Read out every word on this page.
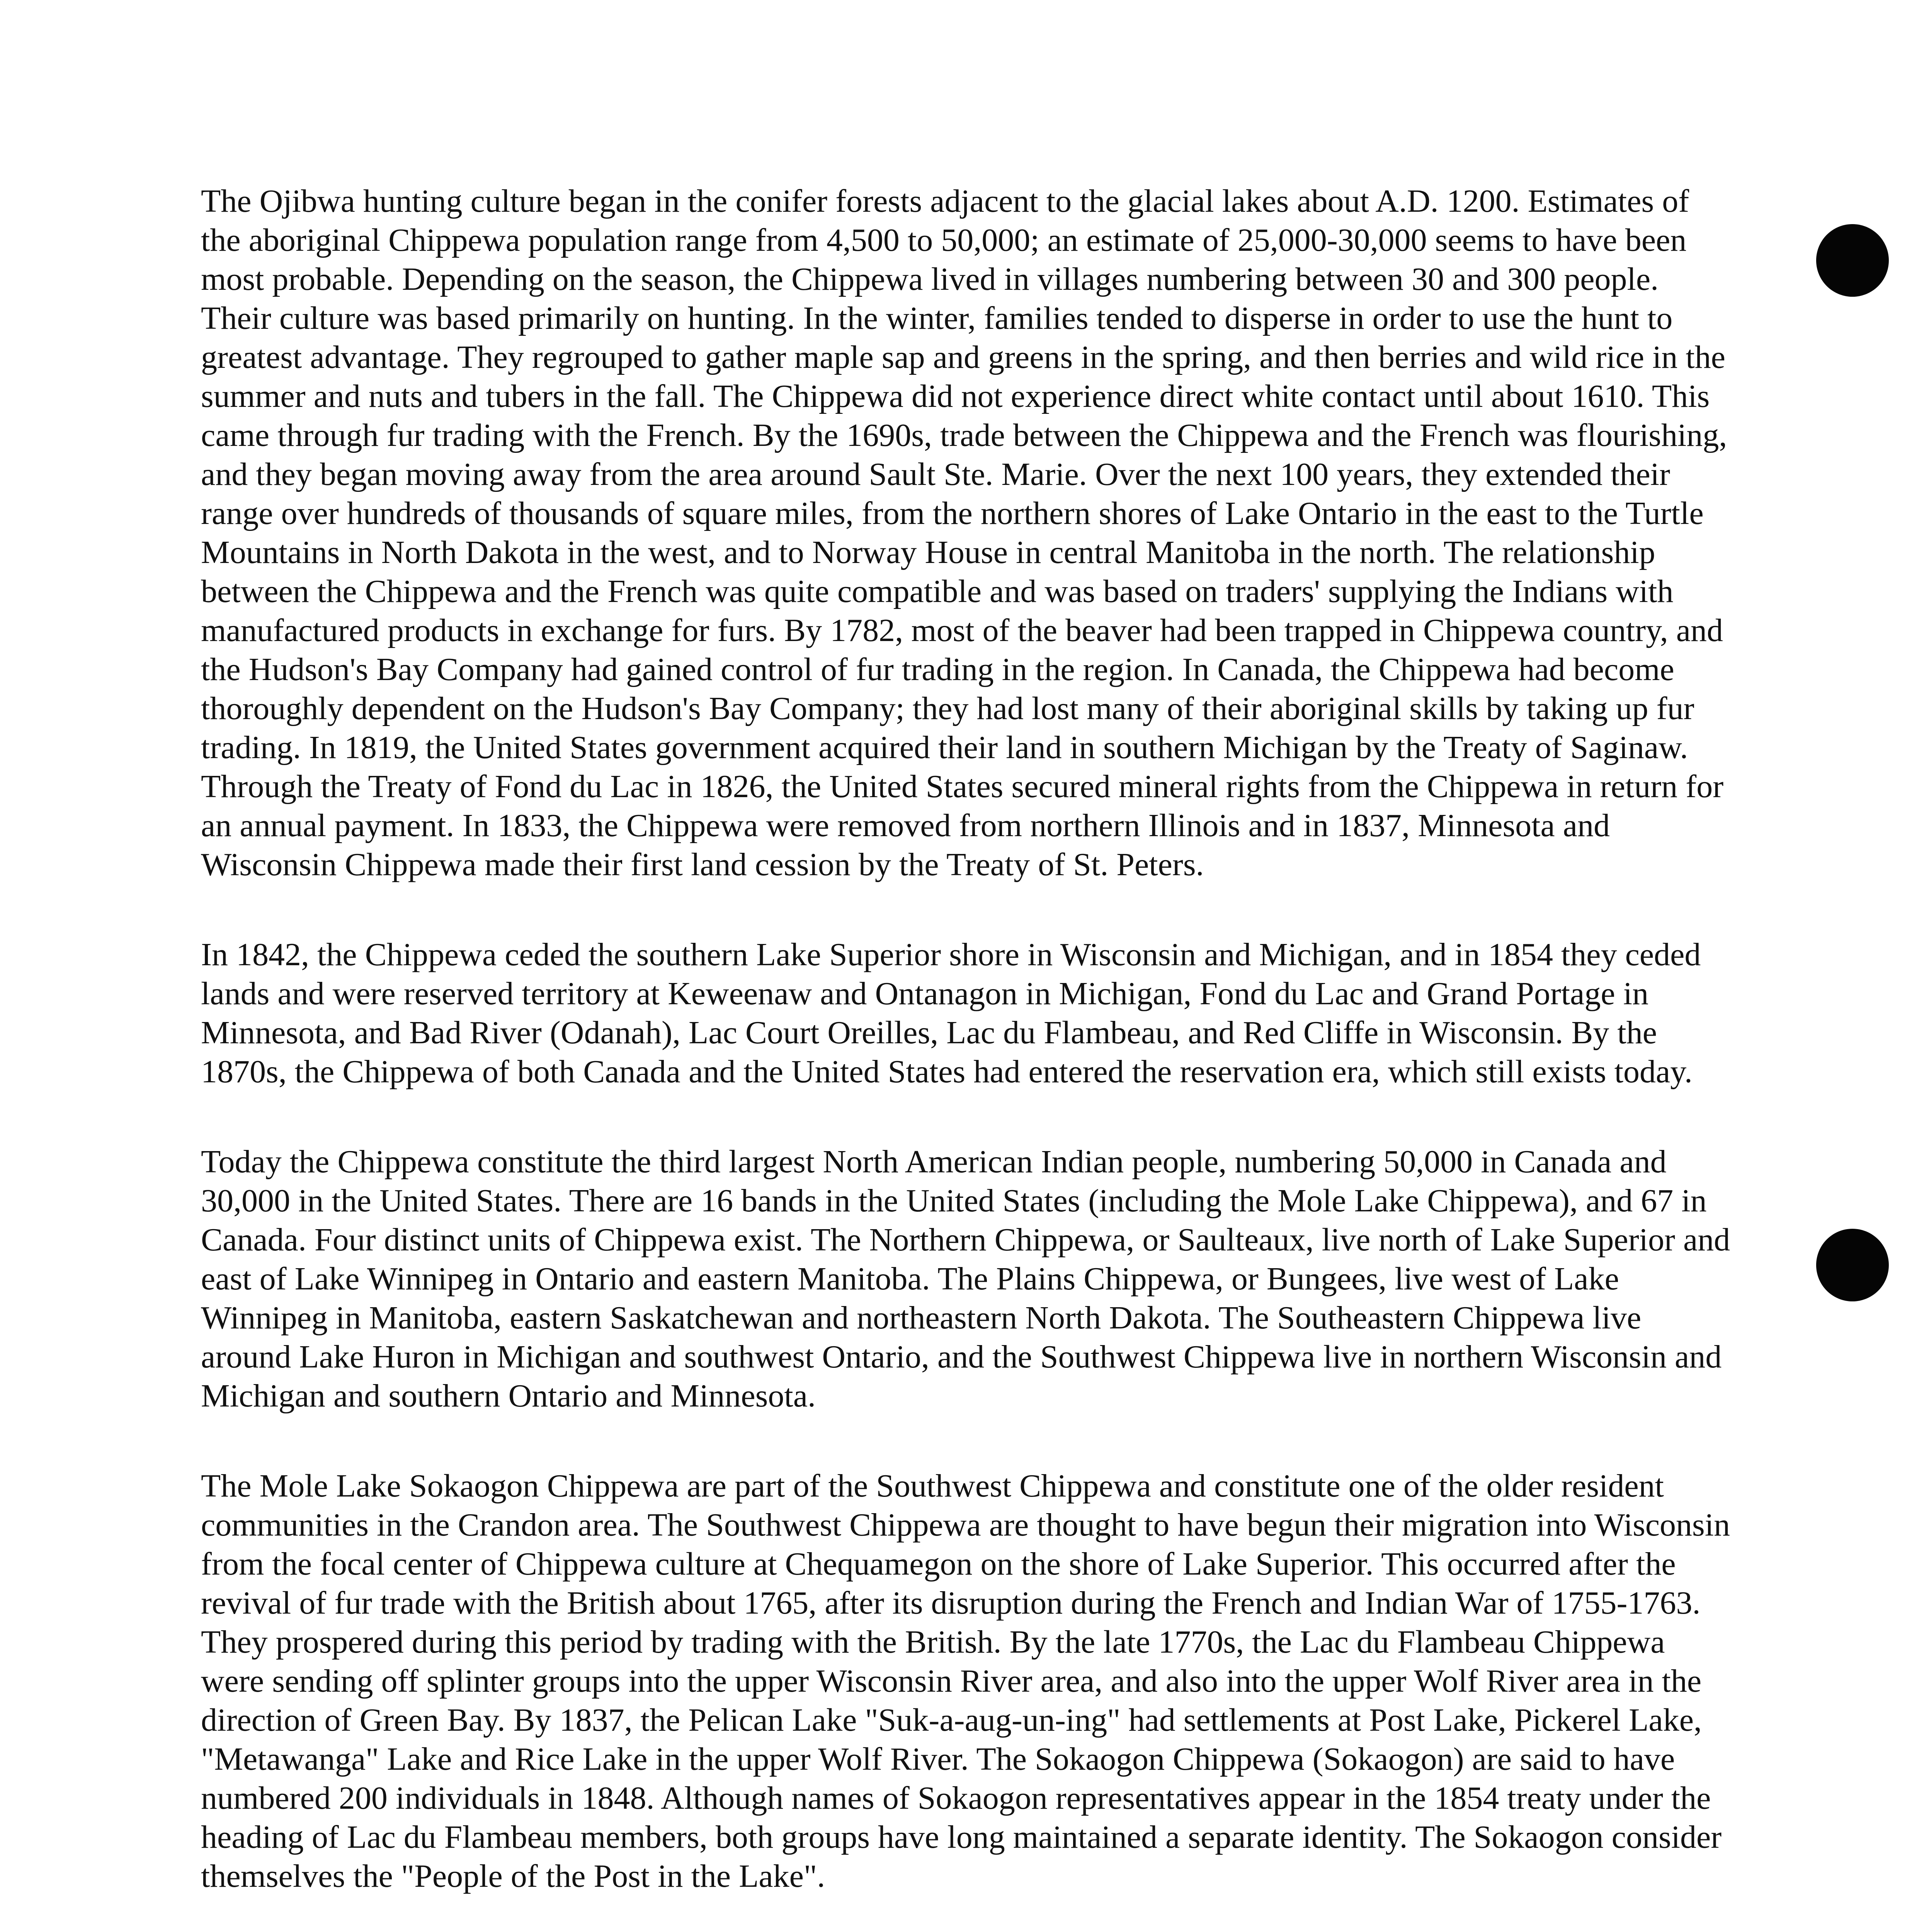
The Ojibwa hunting culture began in the conifer forests adjacent to the glacial lakes about A.D. 1200. Estimates of the aboriginal Chippewa population range from 4,500 to 50,000; an estimate of 25,000-30,000 seems to have been most probable. Depending on the season, the Chippewa lived in villages numbering between 30 and 300 people. Their culture was based primarily on hunting. In the winter, families tended to disperse in order to use the hunt to greatest advantage. They regrouped to gather maple sap and greens in the spring, and then berries and wild rice in the summer and nuts and tubers in the fall. The Chippewa did not experience direct white contact until about 1610. This came through fur trading with the French. By the 1690s, trade between the Chippewa and the French was flourishing, and they began moving away from the area around Sault Ste. Marie. Over the next 100 years, they extended their range over hundreds of thousands of square miles, from the northern shores of Lake Ontario in the east to the Turtle Mountains in North Dakota in the west, and to Norway House in central Manitoba in the north. The relationship between the Chippewa and the French was quite compatible and was based on traders' supplying the Indians with manufactured products in exchange for furs. By 1782, most of the beaver had been trapped in Chippewa country, and the Hudson's Bay Company had gained control of fur trading in the region. In Canada, the Chippewa had become thoroughly dependent on the Hudson's Bay Company; they had lost many of their aboriginal skills by taking up fur trading. In 1819, the United States government acquired their land in southern Michigan by the Treaty of Saginaw. Through the Treaty of Fond du Lac in 1826, the United States secured mineral rights from the Chippewa in return for an annual payment. In 1833, the Chippewa were removed from northern Illinois and in 1837, Minnesota and Wisconsin Chippewa made their first land cession by the Treaty of St. Peters.

In 1842, the Chippewa ceded the southern Lake Superior shore in Wisconsin and Michigan, and in 1854 they ceded lands and were reserved territory at Keweenaw and Ontanagon in Michigan, Fond du Lac and Grand Portage in Minnesota, and Bad River (Odanah), Lac Court Oreilles, Lac du Flambeau, and Red Cliffe in Wisconsin. By the 1870s, the Chippewa of both Canada and the United States had entered the reservation era, which still exists today.

Today the Chippewa constitute the third largest North American Indian people, numbering 50,000 in Canada and 30,000 in the United States. There are 16 bands in the United States (including the Mole Lake Chippewa), and 67 in Canada. Four distinct units of Chippewa exist. The Northern Chippewa, or Saulteaux, live north of Lake Superior and east of Lake Winnipeg in Ontario and eastern Manitoba. The Plains Chippewa, or Bungees, live west of Lake Winnipeg in Manitoba, eastern Saskatchewan and northeastern North Dakota. The Southeastern Chippewa live around Lake Huron in Michigan and southwest Ontario, and the Southwest Chippewa live in northern Wisconsin and Michigan and southern Ontario and Minnesota.

The Mole Lake Sokaogon Chippewa are part of the Southwest Chippewa and constitute one of the older resident communities in the Crandon area. The Southwest Chippewa are thought to have begun their migration into Wisconsin from the focal center of Chippewa culture at Chequamegon on the shore of Lake Superior. This occurred after the revival of fur trade with the British about 1765, after its disruption during the French and Indian War of 1755-1763. They prospered during this period by trading with the British. By the late 1770s, the Lac du Flambeau Chippewa were sending off splinter groups into the upper Wisconsin River area, and also into the upper Wolf River area in the direction of Green Bay. By 1837, the Pelican Lake "Suk-a-aug-un-ing" had settlements at Post Lake, Pickerel Lake, "Metawanga" Lake and Rice Lake in the upper Wolf River. The Sokaogon Chippewa (Sokaogon) are said to have numbered 200 individuals in 1848. Although names of Sokaogon representatives appear in the 1854 treaty under the heading of Lac du Flambeau members, both groups have long maintained a separate identity. The Sokaogon consider themselves the "People of the Post in the Lake".
